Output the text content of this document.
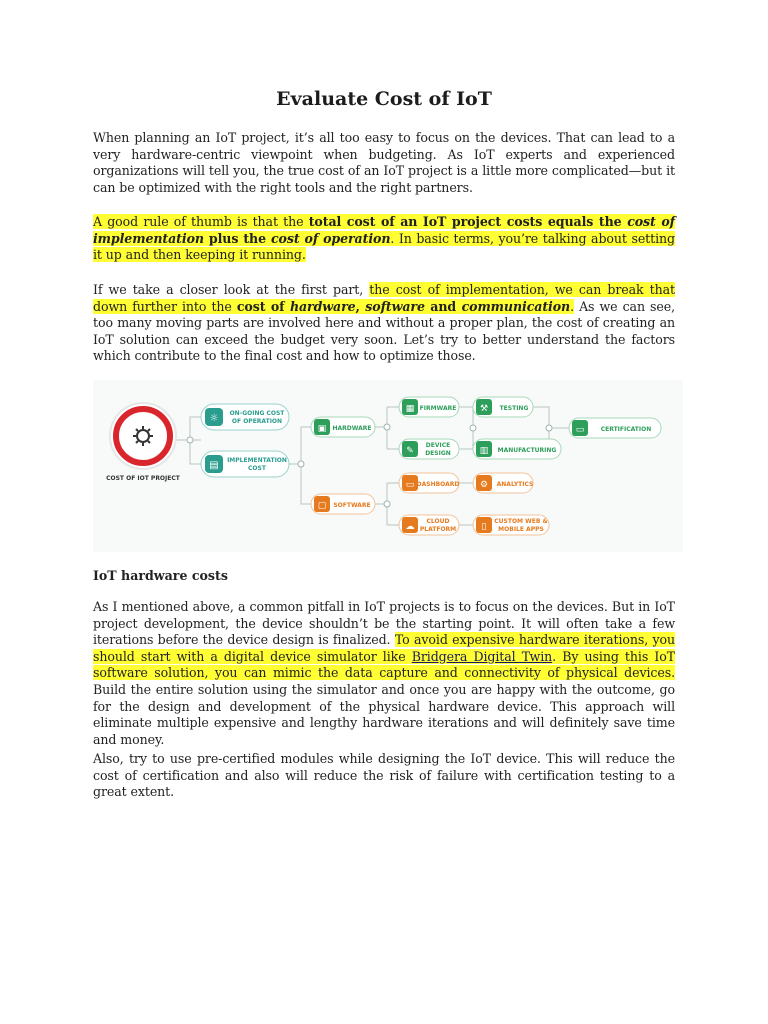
Evaluate Cost of IoT

When planning an IoT project, it’s all too easy to focus on the devices. That can lead to a very hardware-centric viewpoint when budgeting. As IoT experts and experienced organizations will tell you, the true cost of an IoT project is a little more complicated—but it can be optimized with the right tools and the right partners.

A good rule of thumb is that the total cost of an IoT project costs equals the cost of implementation plus the cost of operation. In basic terms, you’re talking about setting it up and then keeping it running.

If we take a closer look at the first part, the cost of implementation, we can break that down further into the cost of hardware, software and communication. As we can see, too many moving parts are involved here and without a proper plan, the cost of creating an IoT solution can exceed the budget very soon. Let’s try to better understand the factors which contribute to the final cost and how to optimize those.

COST OF IOT PROJECT
☼ ON-GOING COST
OF OPERATION
▤ IMPLEMENTATION
COST
▣ HARDWARE
▦ FIRMWARE
✎
DEVICE
DESIGN
⚒ TESTING
▥ MANUFACTURING
▭	CERTIFICATION
▢ SOFTWARE
▭ DASHBOARD
☁
CLOUD
PLATFORM
⚙ ANALYTICS
▯
CUSTOM WEB &
MOBILE APPS
IoT hardware costs

As I mentioned above, a common pitfall in IoT projects is to focus on the devices. But in IoT project development, the device shouldn’t be the starting point. It will often take a few iterations before the device design is finalized. To avoid expensive hardware iterations, you should start with a digital device simulator like Bridgera Digital Twin. By using this IoT software solution, you can mimic the data capture and connectivity of physical devices. Build the entire solution using the simulator and once you are happy with the outcome, go for the design and development of the physical hardware device. This approach will eliminate multiple expensive and lengthy hardware iterations and will definitely save time and money.

Also, try to use pre-certified modules while designing the IoT device. This will reduce the cost of certification and also will reduce the risk of failure with certification testing to a great extent.
